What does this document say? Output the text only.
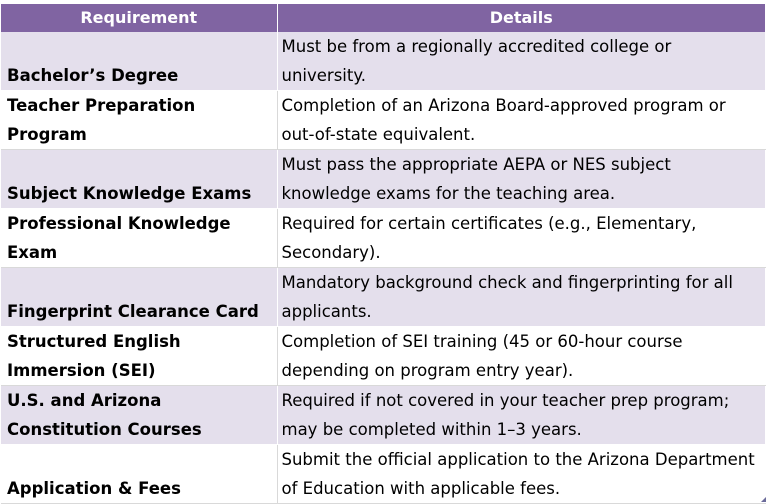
Requirement	Details
Bachelor’s Degree	Must be from a regionally accredited college or university.
Teacher Preparation Program	Completion of an Arizona Board-approved program or out-of-state equivalent.
Subject Knowledge Exams	Must pass the appropriate AEPA or NES subject knowledge exams for the teaching area.
Professional Knowledge Exam	Required for certain certificates (e.g., Elementary, Secondary).
Fingerprint Clearance Card	Mandatory background check and fingerprinting for all applicants.
Structured English Immersion (SEI)	Completion of SEI training (45 or 60-hour course depending on program entry year).
U.S. and Arizona Constitution Courses	Required if not covered in your teacher prep program; may be completed within 1–3 years.
Application & Fees	Submit the official application to the Arizona Department of Education with applicable fees.
